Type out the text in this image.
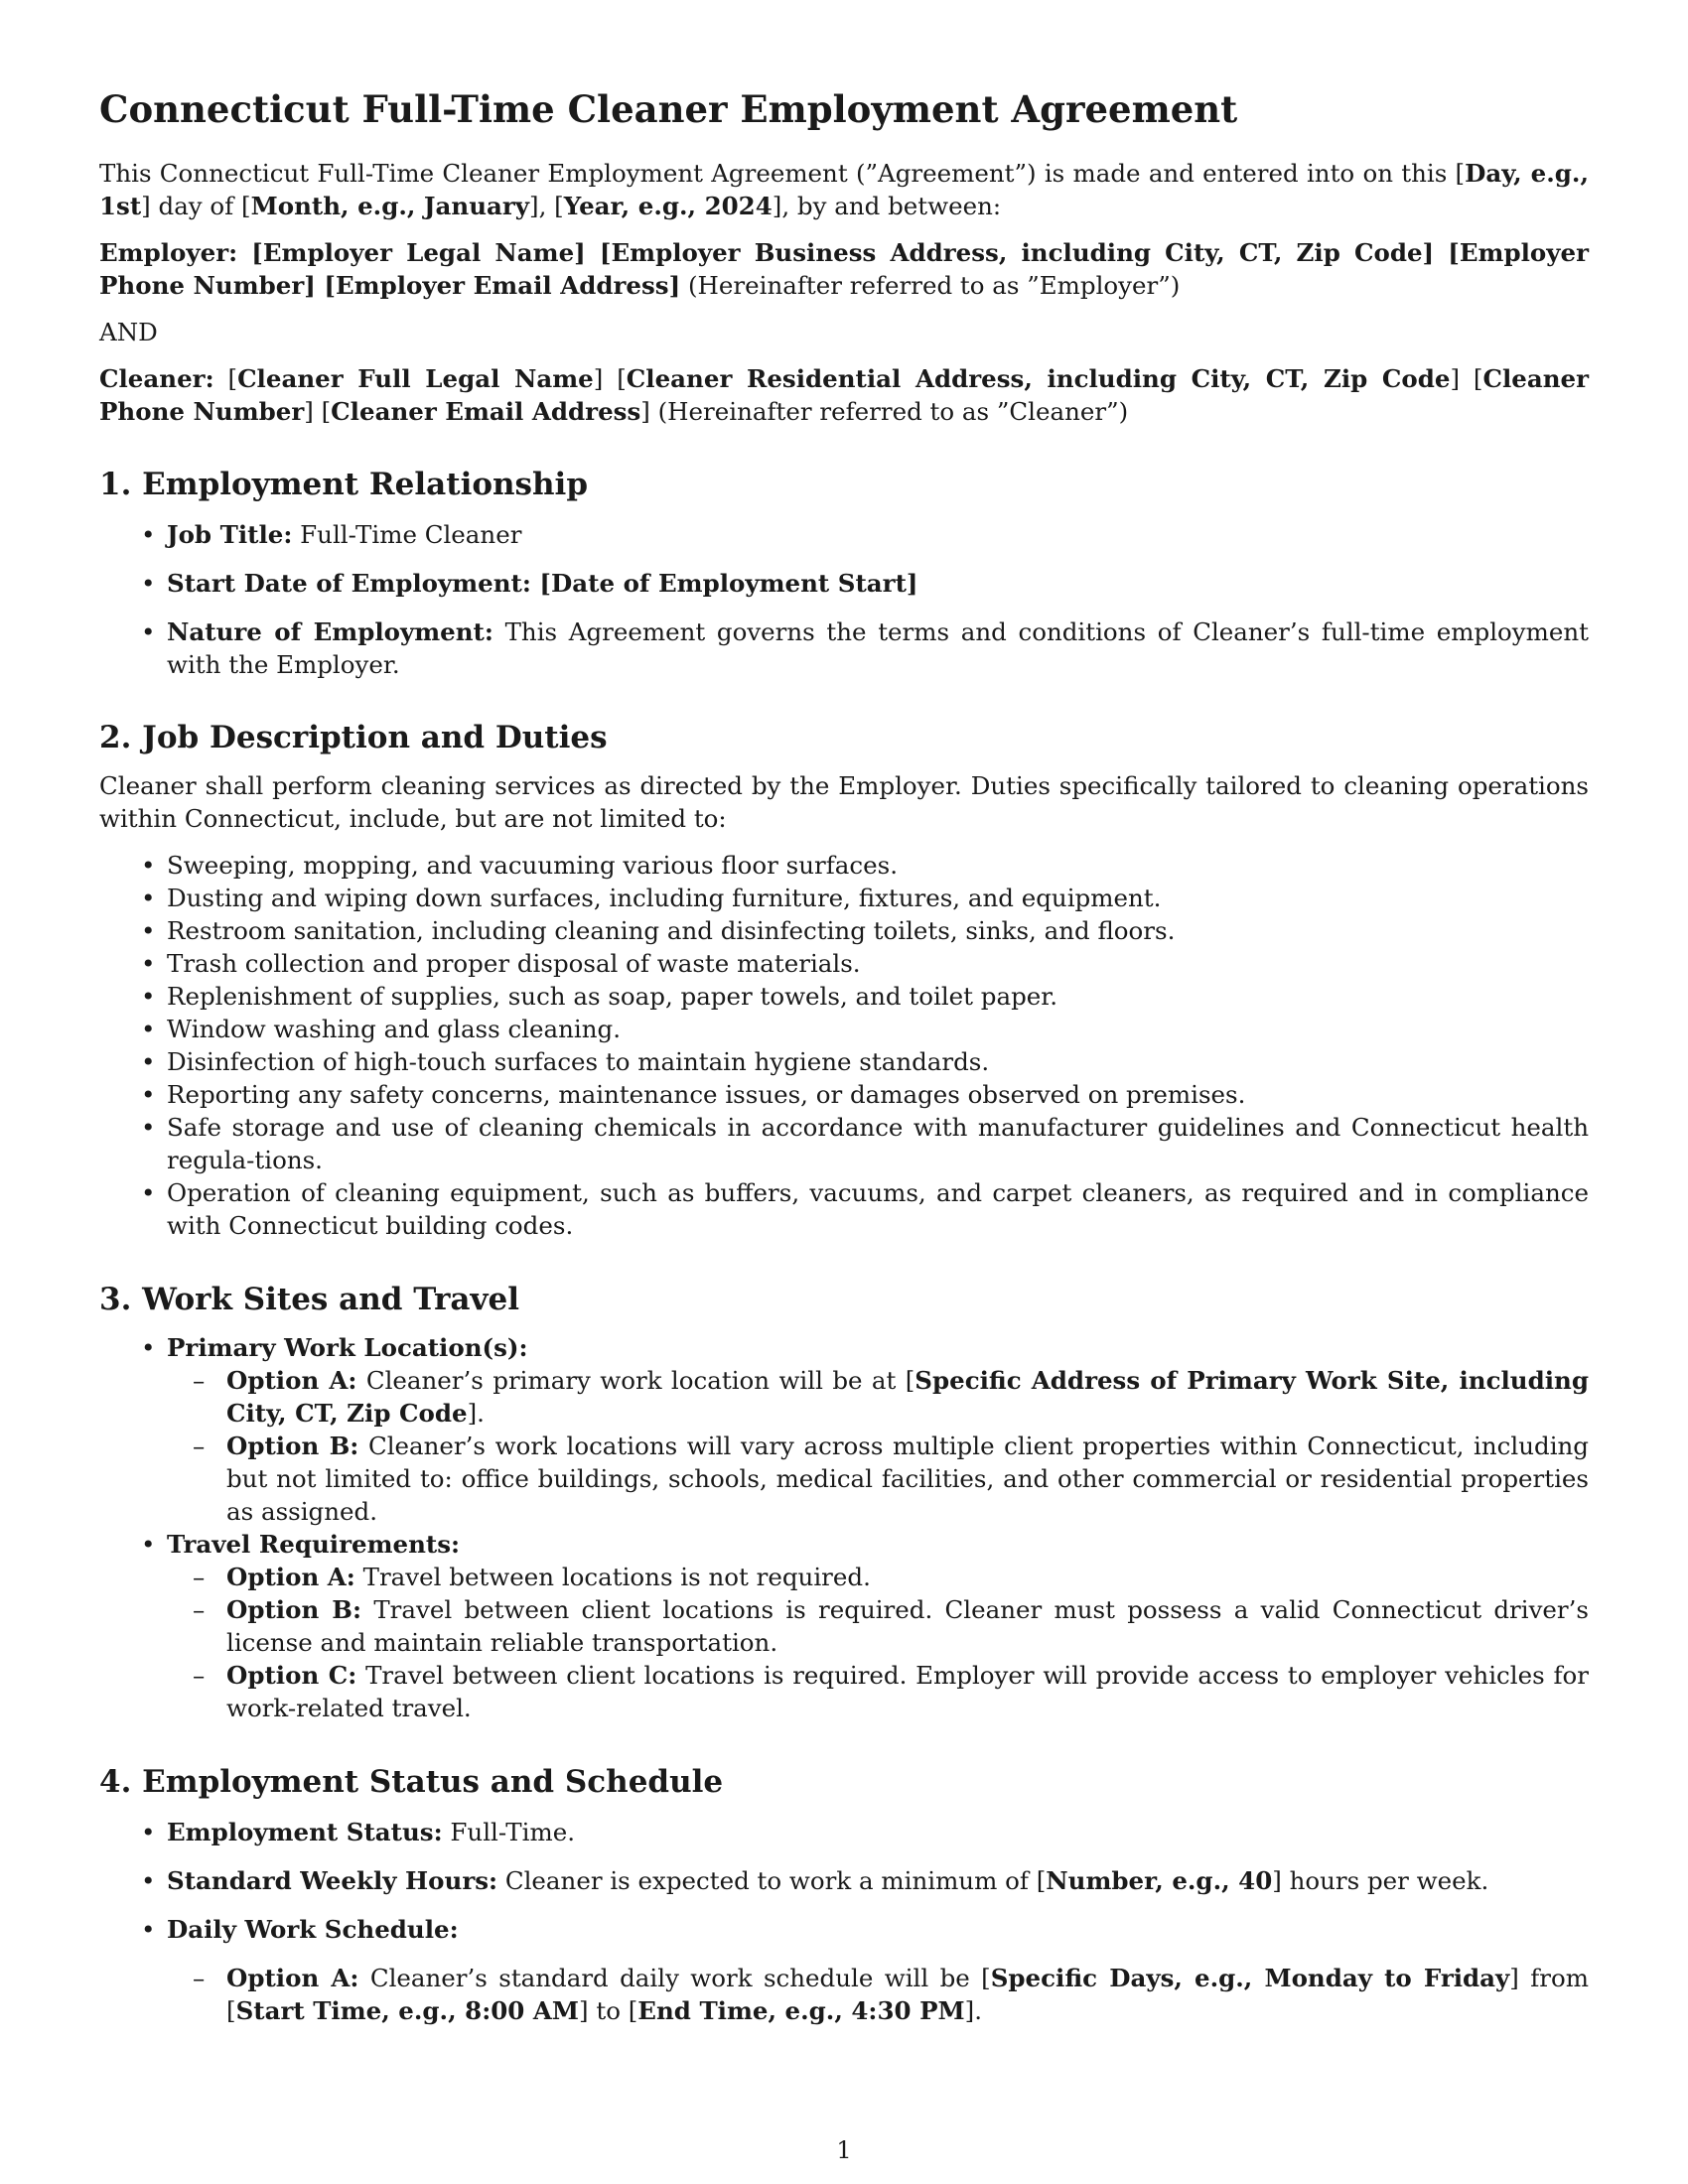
Connecticut Full-Time Cleaner Employment Agreement

This Connecticut Full-Time Cleaner Employment Agreement (”Agreement”) is made and entered into on this [Day, e.g., 1st] day of [Month, e.g., January], [Year, e.g., 2024], by and between:

Employer: [Employer Legal Name] [Employer Business Address, including City, CT, Zip Code] [Employer Phone Number] [Employer Email Address] (Hereinafter referred to as ”Employer”)

AND

Cleaner: [Cleaner Full Legal Name] [Cleaner Residential Address, including City, CT, Zip Code] [Cleaner Phone Number] [Cleaner Email Address] (Hereinafter referred to as ”Cleaner”)

1. Employment Relationship
• Job Title: Full-Time Cleaner
• Start Date of Employment: [Date of Employment Start]
• Nature of Employment: This Agreement governs the terms and conditions of Cleaner’s full-time employment with the Employer.
2. Job Description and Duties

Cleaner shall perform cleaning services as directed by the Employer. Duties specifically tailored to cleaning operations within Connecticut, include, but are not limited to:

• Sweeping, mopping, and vacuuming various floor surfaces.
• Dusting and wiping down surfaces, including furniture, fixtures, and equipment.
• Restroom sanitation, including cleaning and disinfecting toilets, sinks, and floors.
• Trash collection and proper disposal of waste materials.
• Replenishment of supplies, such as soap, paper towels, and toilet paper.
• Window washing and glass cleaning.
• Disinfection of high-touch surfaces to maintain hygiene standards.
• Reporting any safety concerns, maintenance issues, or damages observed on premises.
• Safe storage and use of cleaning chemicals in accordance with manufacturer guidelines and Connecticut health regula-tions.
• Operation of cleaning equipment, such as buffers, vacuums, and carpet cleaners, as required and in compliance with Connecticut building codes.
3. Work Sites and Travel
• Primary Work Location(s):
– Option A: Cleaner’s primary work location will be at [Specific Address of Primary Work Site, including City, CT, Zip Code].
– Option B: Cleaner’s work locations will vary across multiple client properties within Connecticut, including but not limited to: office buildings, schools, medical facilities, and other commercial or residential properties as assigned.
• Travel Requirements:
– Option A: Travel between locations is not required.
– Option B: Travel between client locations is required. Cleaner must possess a valid Connecticut driver’s license and maintain reliable transportation.
– Option C: Travel between client locations is required. Employer will provide access to employer vehicles for work-related travel.
4. Employment Status and Schedule
• Employment Status: Full-Time.
• Standard Weekly Hours: Cleaner is expected to work a minimum of [Number, e.g., 40] hours per week.
• Daily Work Schedule:
– Option A: Cleaner’s standard daily work schedule will be [Specific Days, e.g., Monday to Friday] from [Start Time, e.g., 8:00 AM] to [End Time, e.g., 4:30 PM].
1
